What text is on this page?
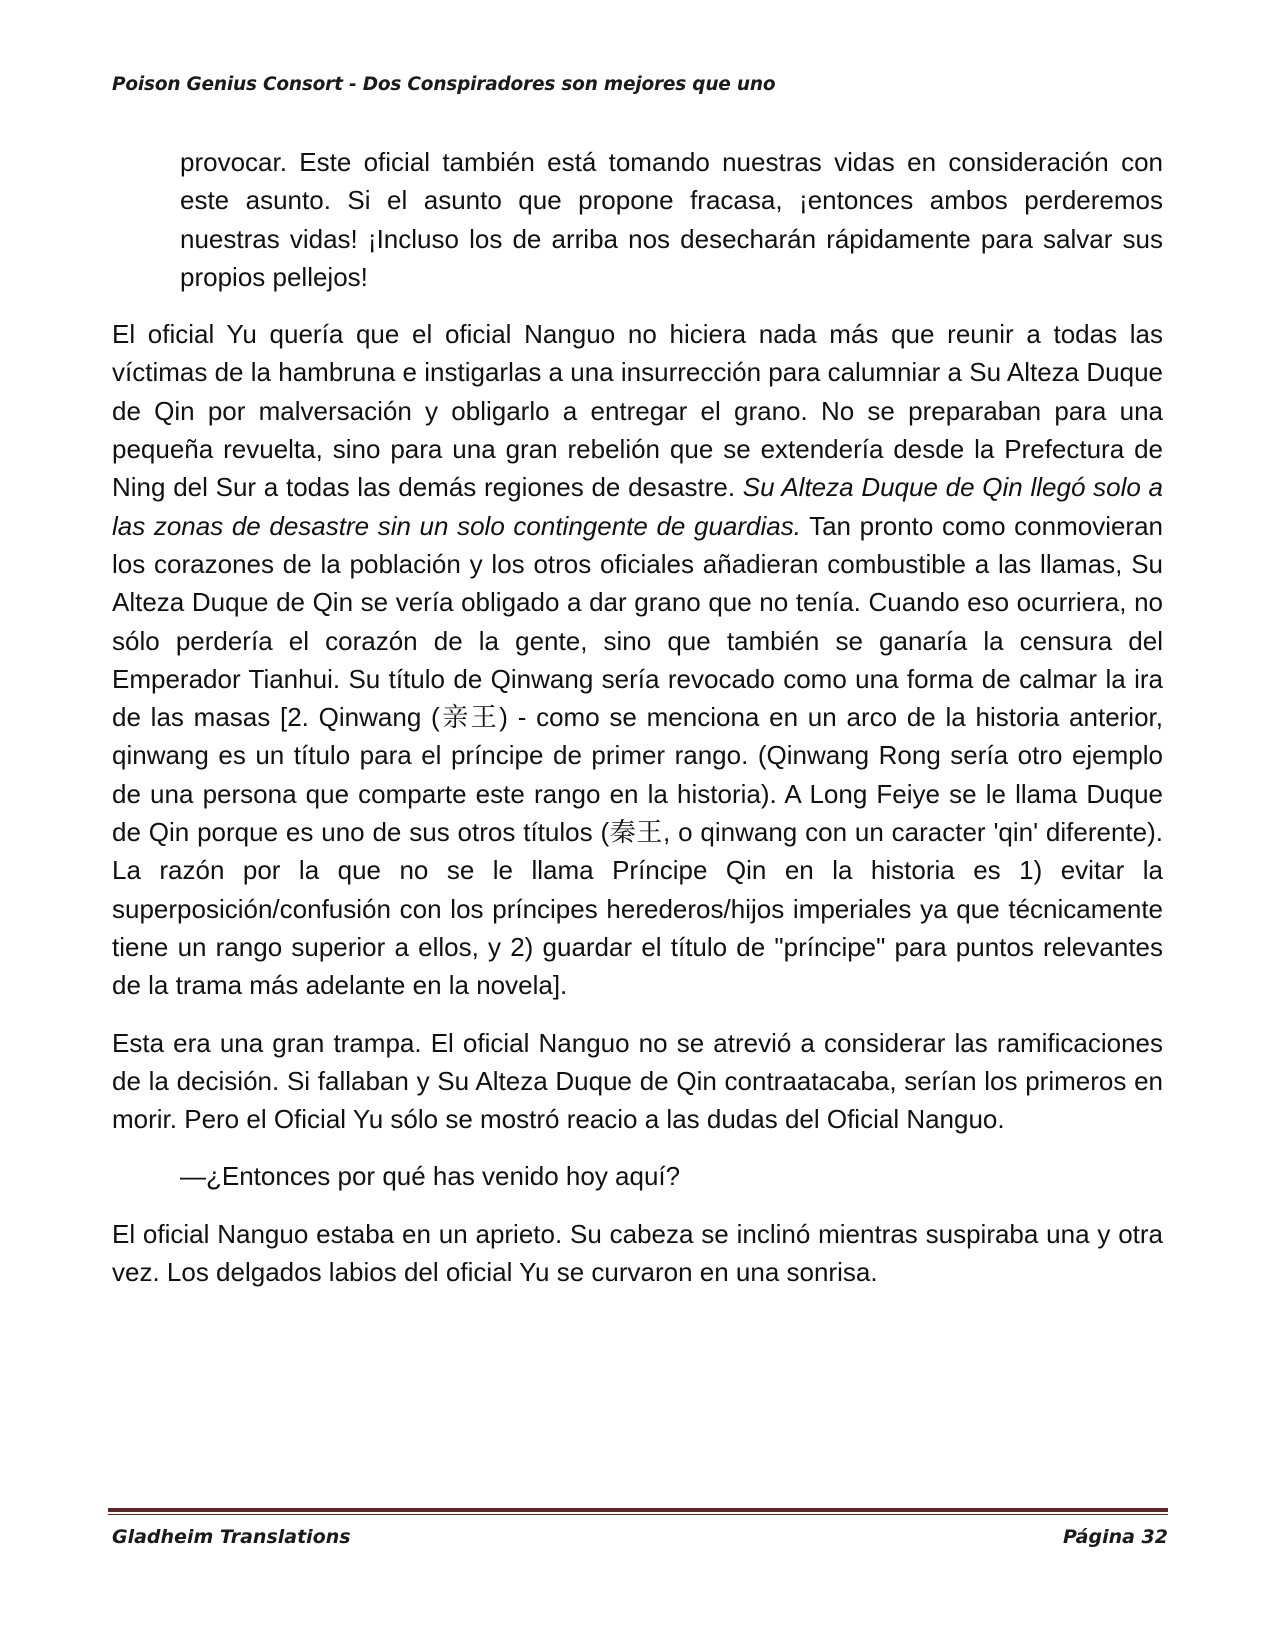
Poison Genius Consort - Dos Conspiradores son mejores que uno

provocar. Este oficial también está tomando nuestras vidas en consideración con este asunto. Si el asunto que propone fracasa, ¡entonces ambos perderemos nuestras vidas! ¡Incluso los de arriba nos desecharán rápidamente para salvar sus propios pellejos!

El oficial Yu quería que el oficial Nanguo no hiciera nada más que reunir a todas las víctimas de la hambruna e instigarlas a una insurrección para calumniar a Su Alteza Duque de Qin por malversación y obligarlo a entregar el grano. No se preparaban para una pequeña revuelta, sino para una gran rebelión que se extendería desde la Prefectura de Ning del Sur a todas las demás regiones de desastre. Su Alteza Duque de Qin llegó solo a las zonas de desastre sin un solo contingente de guardias. Tan pronto como conmovieran los corazones de la población y los otros oficiales añadieran combustible a las llamas, Su Alteza Duque de Qin se vería obligado a dar grano que no tenía. Cuando eso ocurriera, no sólo perdería el corazón de la gente, sino que también se ganaría la censura del Emperador Tianhui. Su título de Qinwang sería revocado como una forma de calmar la ira de las masas [2. Qinwang (亲王) - como se menciona en un arco de la historia anterior, qinwang es un título para el príncipe de primer rango. (Qinwang Rong sería otro ejemplo de una persona que comparte este rango en la historia). A Long Feiye se le llama Duque de Qin porque es uno de sus otros títulos (秦王, o qinwang con un caracter 'qin' diferente). La razón por la que no se le llama Príncipe Qin en la historia es 1) evitar la superposición/confusión con los príncipes herederos/hijos imperiales ya que técnicamente tiene un rango superior a ellos, y 2) guardar el título de "príncipe" para puntos relevantes de la trama más adelante en la novela].

Esta era una gran trampa. El oficial Nanguo no se atrevió a considerar las ramificaciones de la decisión. Si fallaban y Su Alteza Duque de Qin contraatacaba, serían los primeros en morir. Pero el Oficial Yu sólo se mostró reacio a las dudas del Oficial Nanguo.

—¿Entonces por qué has venido hoy aquí?

El oficial Nanguo estaba en un aprieto. Su cabeza se inclinó mientras suspiraba una y otra vez. Los delgados labios del oficial Yu se curvaron en una sonrisa.

Gladheim Translations	Página 32
